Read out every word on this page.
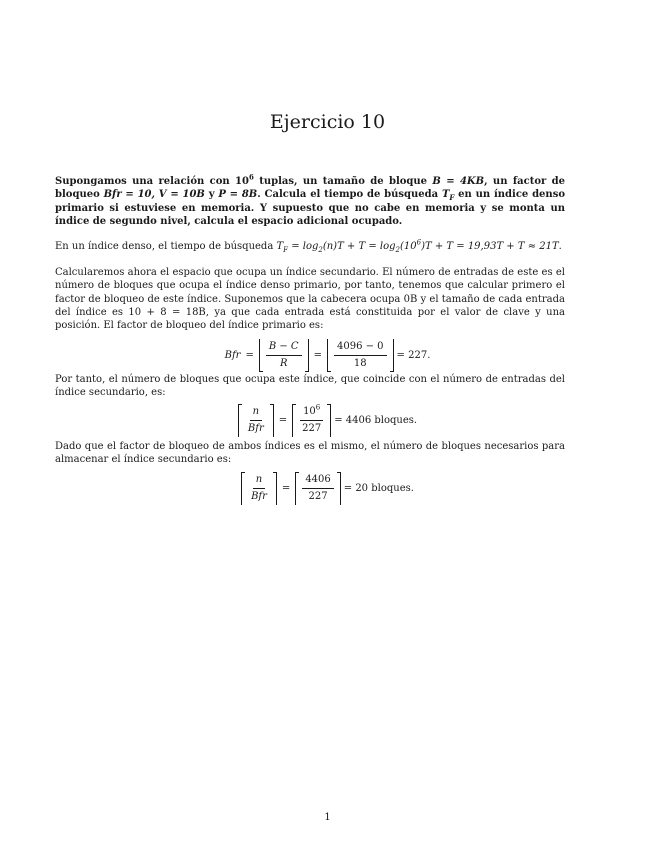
Ejercicio 10

Supongamos una relación con $10^6$ tuplas, un tamaño de bloque B = 4KB, un factor de bloqueo Bfr = 10, V = 10B y P = 8B. Calcula el tiempo de búsqueda $T_F$ en un índice denso primario si estuviese en memoria. Y supuesto que no cabe en memoria y se monta un índice de segundo nivel, calcula el espacio adicional ocupado.

En un índice denso, el tiempo de búsqueda $T_F = \log_2(n)T + T = \log_2(10^6)T + T = 19,93T + T \approx 21T$.

Calcularemos ahora el espacio que ocupa un índice secundario. El número de entradas de este es el número de bloques que ocupa el índice denso primario, por tanto, tenemos que calcular primero el factor de bloqueo de este índice. Suponemos que la cabecera ocupa 0B y el tamaño de cada entrada del índice es 10 + 8 = 18B, ya que cada entrada está constituida por el valor de clave y una posición. El factor de bloqueo del índice primario es:

Bfr = $\frac{B - C}{R} = \frac{4096 - 0}{18} = 227$.

Por tanto, el número de bloques que ocupa este índice, que coincide con el número de entradas del índice secundario, es:

$\frac{n}{\text{Bfr}} = \frac{10^6}{227} = 4406$ bloques.

Dado que el factor de bloqueo de ambos índices es el mismo, el número de bloques necesarios para almacenar el índice secundario es:

$\frac{n}{\text{Bfr}} = \frac{4406}{227} = 20$ bloques.
1
